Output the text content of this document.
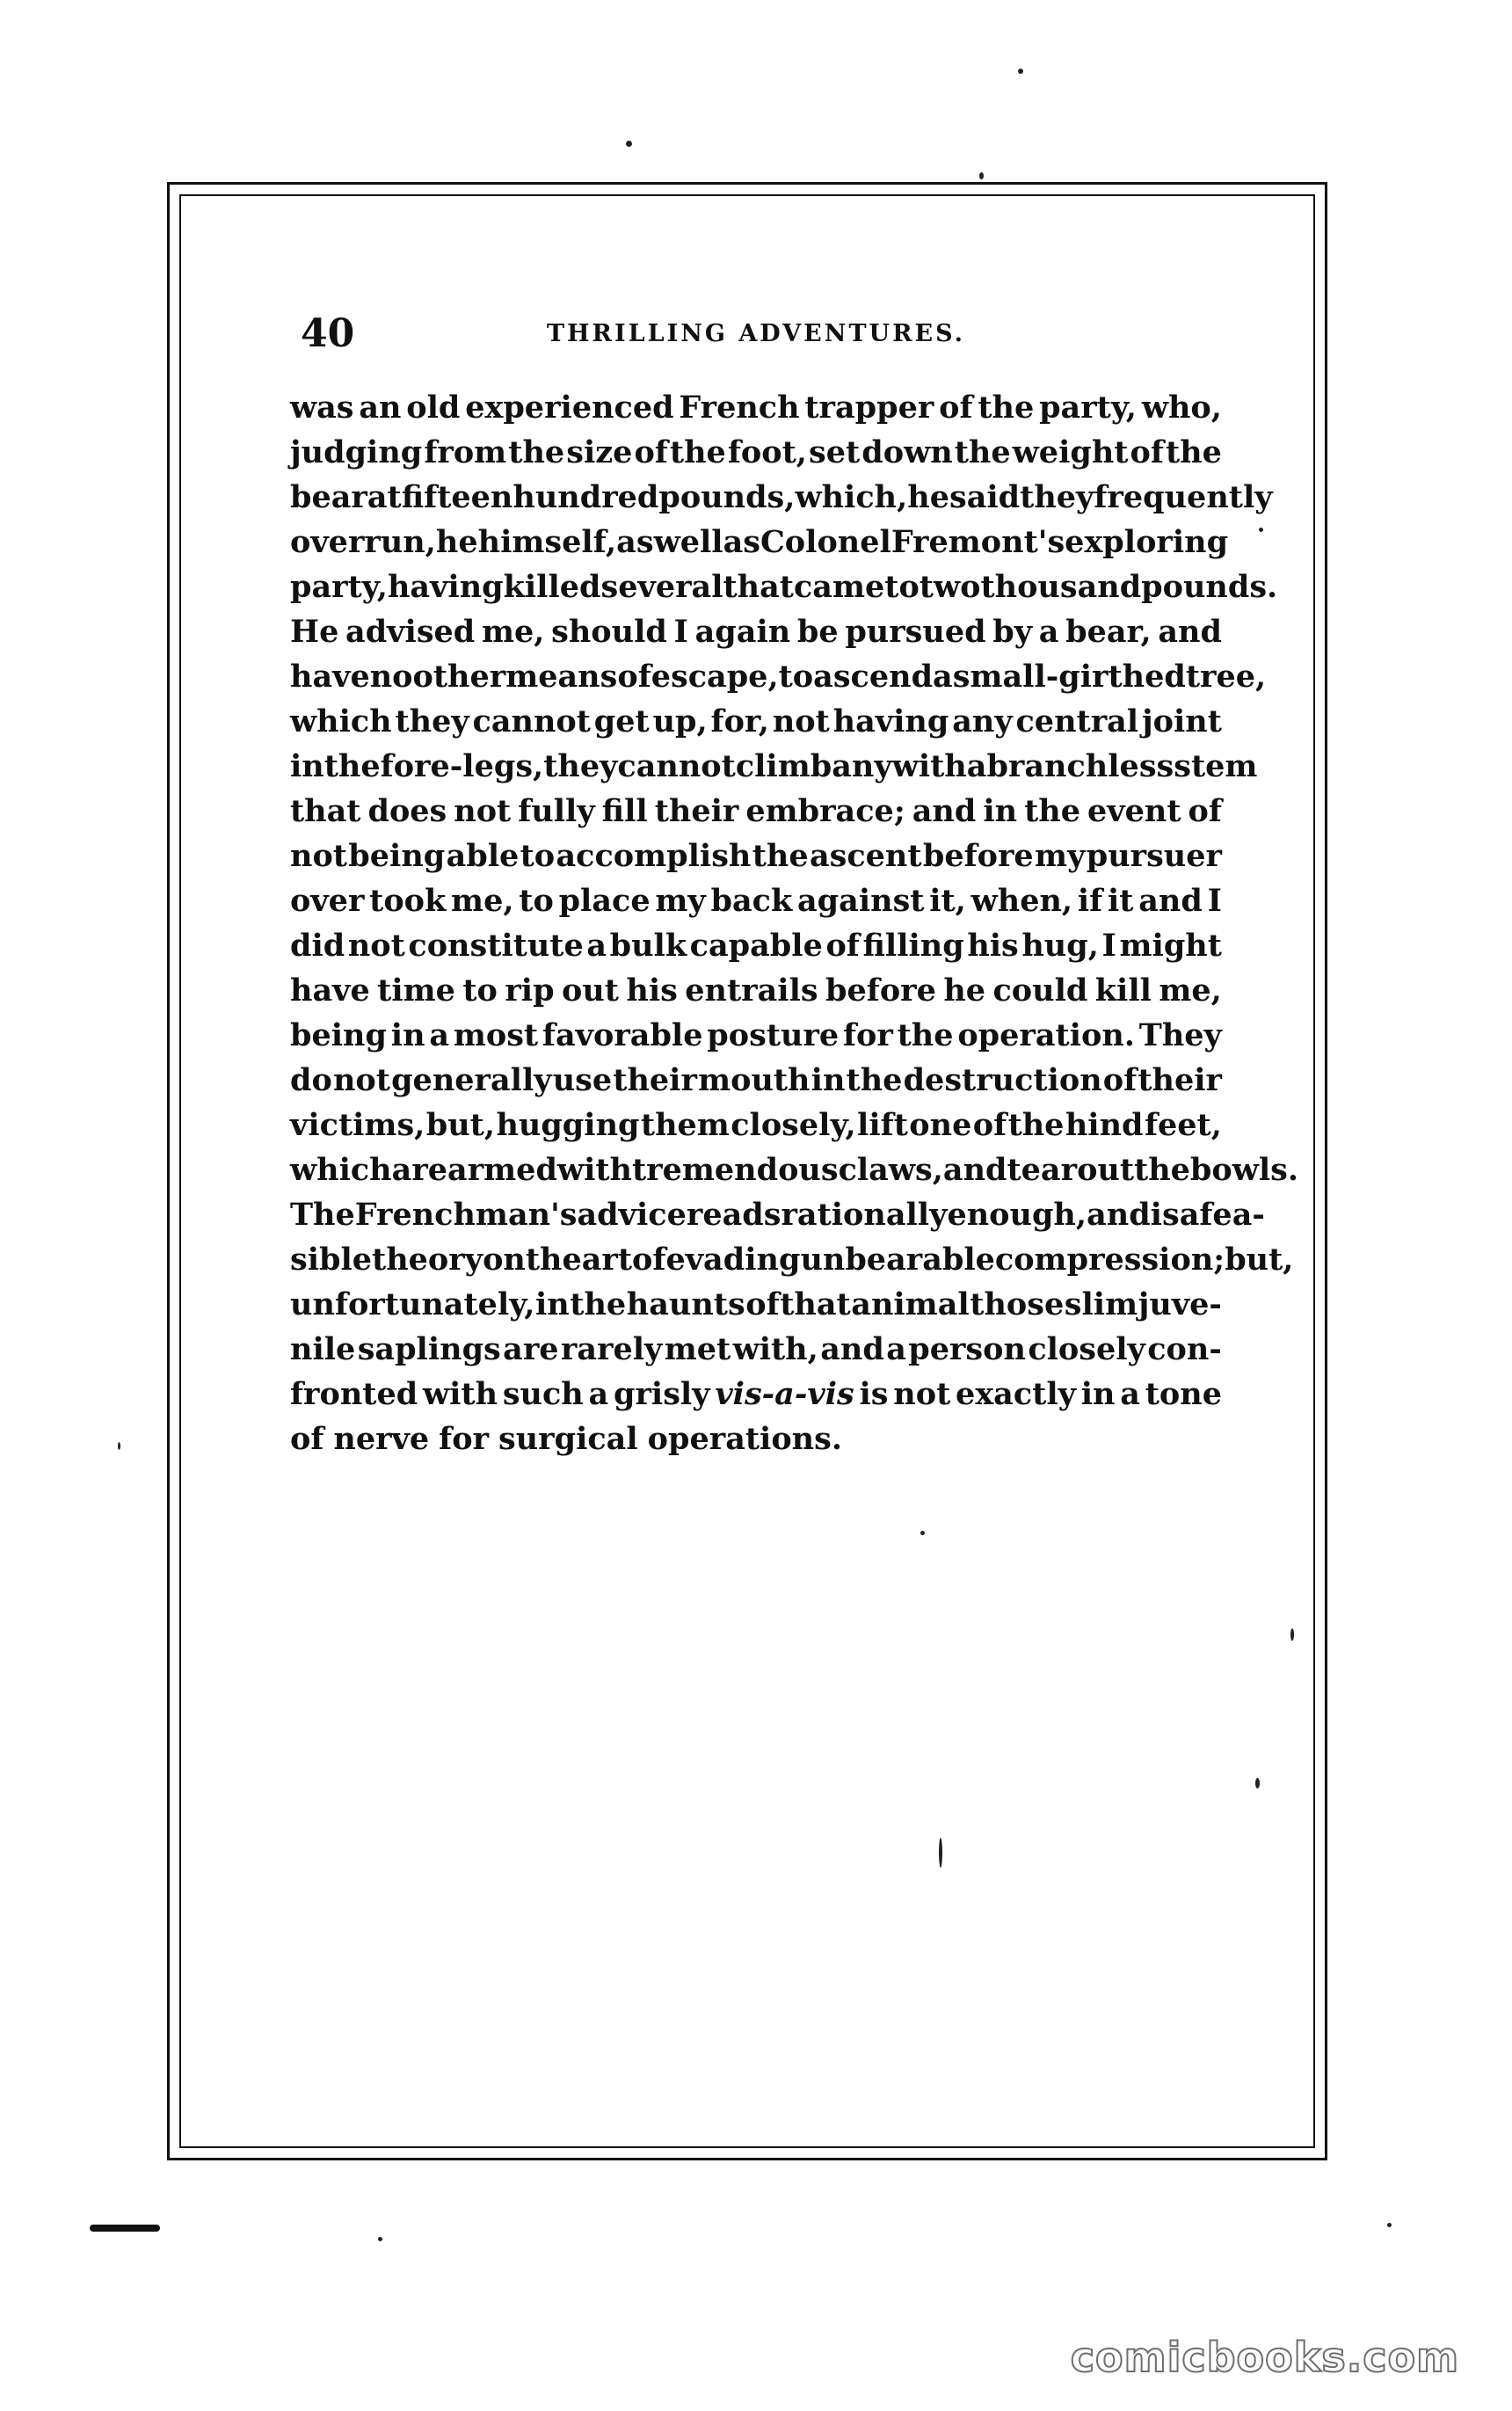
40	THRILLING ADVENTURES.
was an old experienced French trapper of the party, who,
judging from the size of the foot, set down the weight of the
bear at fifteen hundred pounds, which, he said they frequently
over run, he himself, as well as Colonel Fremont's exploring
party, having killed several that came to two thousand pounds.
He advised me, should I again be pursued by a bear, and
have no other means of escape, to ascend a small-girthed tree,
which they cannot get up, for, not having any central joint
in the fore-legs, they cannot climb any with a branchless stem
that does not fully fill their embrace; and in the event of
not being able to accomplish the ascent before my pursuer
over took me, to place my back against it, when, if it and I
did not constitute a bulk capable of filling his hug, I might
have time to rip out his entrails before he could kill me,
being in a most favorable posture for the operation. They
do not generally use their mouth in the destruction of their
victims, but, hugging them closely, lift one of the hind feet,
which are armed with tremendous claws, and tear out the bowls.
The Frenchman's advice reads rationally enough, and is a fea-
sible theory on the art of evading unbearable compression; but,
unfortunately, in the haunts of that animal those slim juve-
nile saplings are rarely met with, and a person closely con-
fronted with such a grisly vis-a-vis is not exactly in a tone
of nerve for surgical operations.
comicbooks.com
